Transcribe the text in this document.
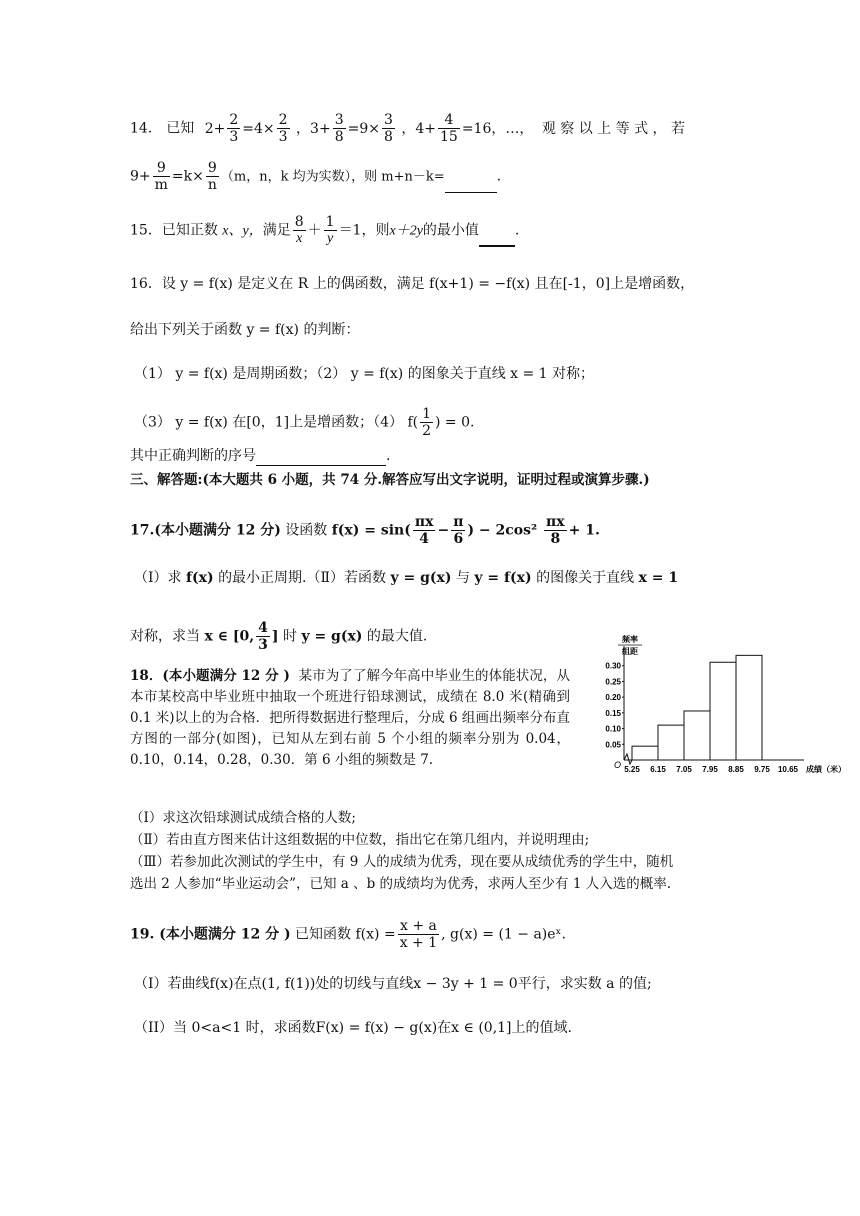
14． 已知 $2+ \frac{2}{3} =4\times \frac{2}{3}$ ，$3+ \frac{3}{8} =9\times \frac{3}{8}$ ，$4+ \frac{4}{15} =16$，…， 观 察 以 上 等 式 ， 若
$9+ \frac{9}{m} =k\times \frac{9}{n} (m$，n，k 均为实数），则 m+n－k=	.
15．已知正数 x、y，满足 $\frac{8}{x} + \frac{1}{y} =1$，则x＋2y的最小值	.
16．设 y = f(x) 是定义在 R 上的偶函数，满足 f(x+1) = −f(x) 且在[-1，0]上是增函数，
给出下列关于函数 y = f(x) 的判断：
（1） y = f(x) 是周期函数；（2） y = f(x) 的图象关于直线 x = 1 对称；
（3） y = f(x) 在[0，1]上是增函数；（4） $f( \frac{1}{2}$ ) = 0.
其中正确判断的序号	.
三、解答题:(本大题共 6 小题，共 74 分.解答应写出文字说明，证明过程或演算步骤.)
17.(本小题满分 12 分) 设函数 $f(x) = \sin( \frac{\pi x}{4} - \frac{\pi}{6}$ ) − $2\cos^2 \frac{\pi x}{8} + 1$.
（Ⅰ）求 f(x) 的最小正周期.（Ⅱ）若函数 y = g(x) 与 y = f(x) 的图像关于直线 x = 1
对称，求当 x ∈ [0, $\frac{4}{3}$ ] 时 y = g(x) 的最大值.
18．(本小题满分 12 分 ) 某市为了了解今年高中毕业生的体能状况，从本市某校高中毕业班中抽取一个班进行铅球测试，成绩在 8.0 米(精确到 0.1 米)以上的为合格．把所得数据进行整理后，分成 6 组画出频率分布直方图的一部分(如图)，已知从左到右前 5 个小组的频率分别为 0.04，0.10，0.14，0.28，0.30．第 6 小组的频数是 7.
0.05
0.10
0.15
0.20
0.25
0.30
5.25 6.15 7.05 7.95 8.85 9.75 10.65 成绩（米）
O
频率
组距
（Ⅰ）求这次铅球测试成绩合格的人数;
（Ⅱ）若由直方图来估计这组数据的中位数，指出它在第几组内，并说明理由;
（Ⅲ）若参加此次测试的学生中，有 9 人的成绩为优秀，现在要从成绩优秀的学生中，随机
选出 2 人参加“毕业运动会”，已知 a 、b 的成绩均为优秀，求两人至少有 1 人入选的概率.
19. (本小题满分 12 分 ) 已知函数 $f(x) = \frac{x + a}{x + 1}$ , g(x) = (1 − a)eˣ.
（I）若曲线f(x)在点(1, f(1))处的切线与直线x − 3y + 1 = 0平行，求实数 a 的值;
（II）当 0<a<1 时，求函数F(x) = f(x) − g(x)在x ∈ (0,1]上的值域.
